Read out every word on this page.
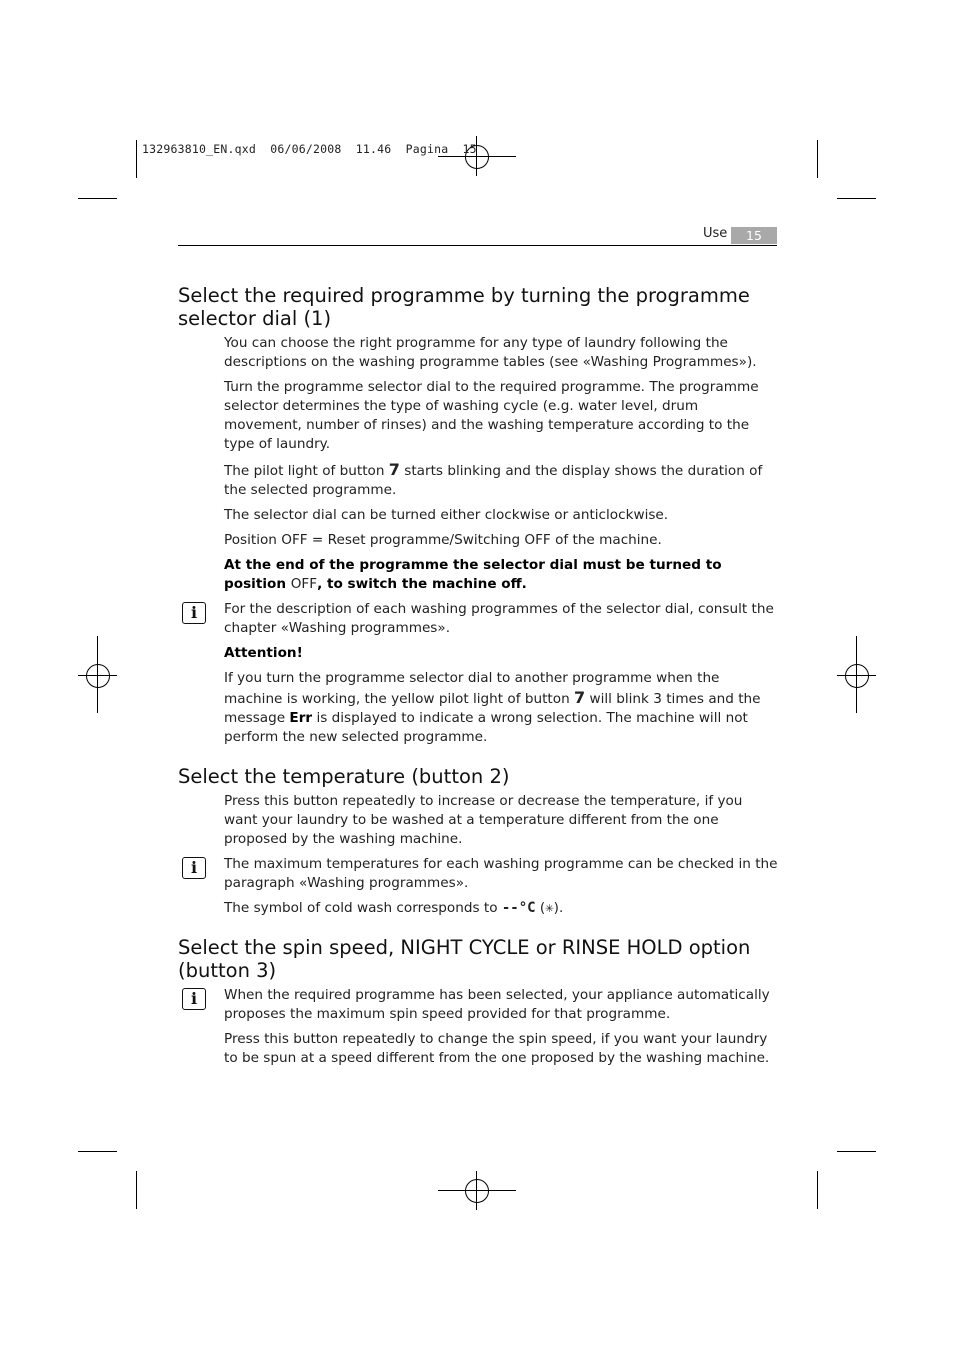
132963810_EN.qxd  06/06/2008  11.46  Pagina  15
Use	15
Select the required programme by turning the programme selector dial (1)

You can choose the right programme for any type of laundry following the descriptions on the washing programme tables (see «Washing Programmes»).

Turn the programme selector dial to the required programme. The programme selector determines the type of washing cycle (e.g. water level, drum movement, number of rinses) and the washing temperature according to the type of laundry.

The pilot light of button 7 starts blinking and the display shows the duration of the selected programme.

The selector dial can be turned either clockwise or anticlockwise.

Position OFF = Reset programme/Switching OFF of the machine.

At the end of the programme the selector dial must be turned to position OFF, to switch the machine off.

i	For the description of each washing programmes of the selector dial, consult the chapter «Washing programmes».

Attention!

If you turn the programme selector dial to another programme when the machine is working, the yellow pilot light of button 7 will blink 3 times and the message Err is displayed to indicate a wrong selection. The machine will not perform the new selected programme.

Select the temperature (button 2)

Press this button repeatedly to increase or decrease the temperature, if you want your laundry to be washed at a temperature different from the one proposed by the washing machine.

i	The maximum temperatures for each washing programme can be checked in the paragraph «Washing programmes».

The symbol of cold wash corresponds to --°C (✳).

Select the spin speed, NIGHT CYCLE or RINSE HOLD option (button 3)
i	When the required programme has been selected, your appliance automatically proposes the maximum spin speed provided for that programme.

Press this button repeatedly to change the spin speed, if you want your laundry to be spun at a speed different from the one proposed by the washing machine.
